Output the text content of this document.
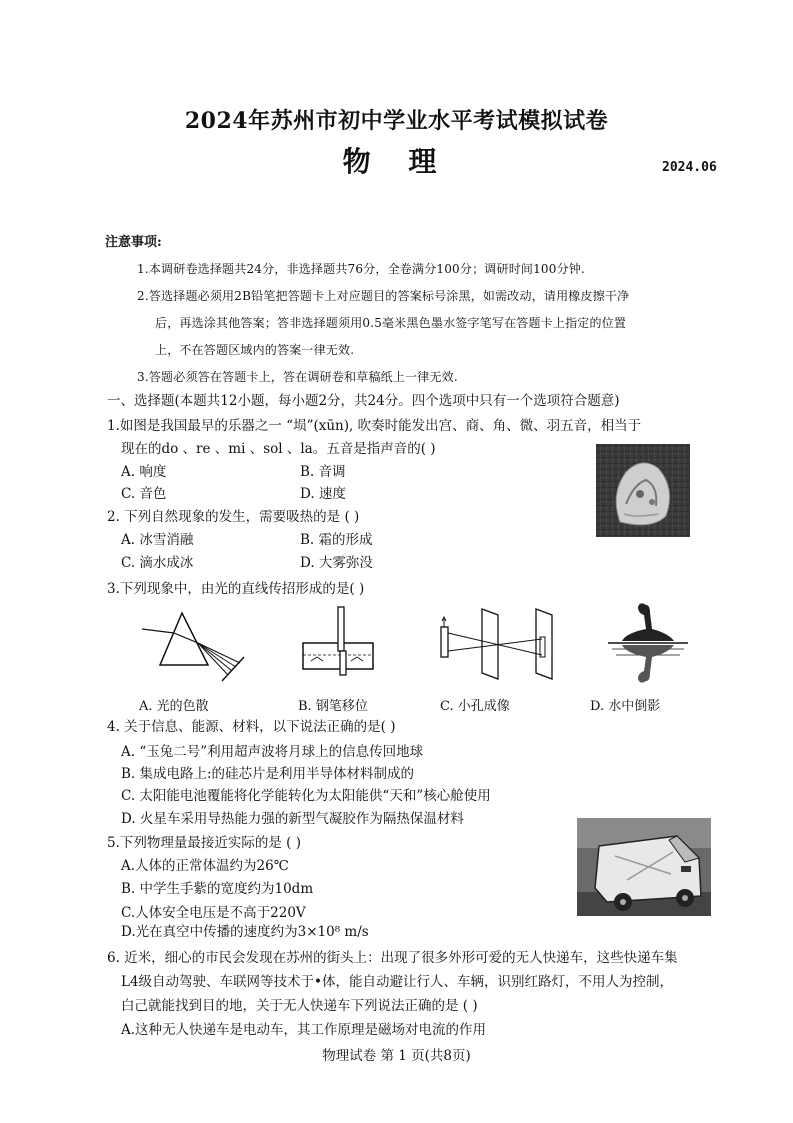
2024年苏州市初中学业水平考试模拟试卷
物 理	2024.06
注意事项:
1.本调研卷选择题共24分，非选择题共76分，全卷满分100分；调研时间100分钟.
2.答选择题必须用2B铅笔把答题卡上对应题目的答案标号涂黑，如需改动，请用橡皮擦干净
后，再选涂其他答案；答非选择题须用0.5毫米黑色墨水签字笔写在答题卡上指定的位置
上，不在答题区域内的答案一律无效.
3.答题必须答在答题卡上，答在调研卷和草稿纸上一律无效.
一、选择题(本题共12小题，每小题2分，共24分。四个选项中只有一个选项符合题意)
1.如图是我国最早的乐器之一 “埙”(xūn), 吹奏时能发出宫、商、角、微、羽五音，相当于
现在的do 、re 、mi 、sol 、la。五音是指声音的( )
A. 响度	B. 音调
C. 音色	D. 速度
2. 下列自然现象的发生，需要吸热的是 ( )
A. 冰雪消融	B. 霜的形成
C. 滴水成冰	D. 大雾弥没
3.下列现象中，由光的直线传招形成的是( )
A. 光的色散	B. 钢笔移位	C. 小孔成像	D. 水中倒影
4. 关于信息、能源、材料，以下说法正确的是( )
A. “玉兔二号”利用超声波将月球上的信息传回地球
B. 集成电路上:的硅芯片是利用半导体材料制成的
C. 太阳能电池覆能将化学能转化为太阳能供“天和”核心舱使用
D. 火星车采用导热能力强的新型气凝胶作为隔热保温材料
5.下列物理量最接近实际的是 ( )
A.人体的正常体温约为26℃
B. 中学生手紫的宽度约为10dm
C.人体安全电压是不高于220V
D.光在真空中传播的速度约为3×10⁸ m/s
6. 近米，细心的市民会发现在苏州的街头上：出现了很多外形可爱的无人快递车，这些快递车集
L4级自动驾驶、车联网等技术于•体，能自动避让行人、车辆，识别红路灯，不用人为控制，
白己就能找到目的地，关于无人快递车下列说法正确的是 ( )
A.这种无人快递车是电动车，其工作原理是磁场对电流的作用
物理试卷 第 1 页(共8页)
